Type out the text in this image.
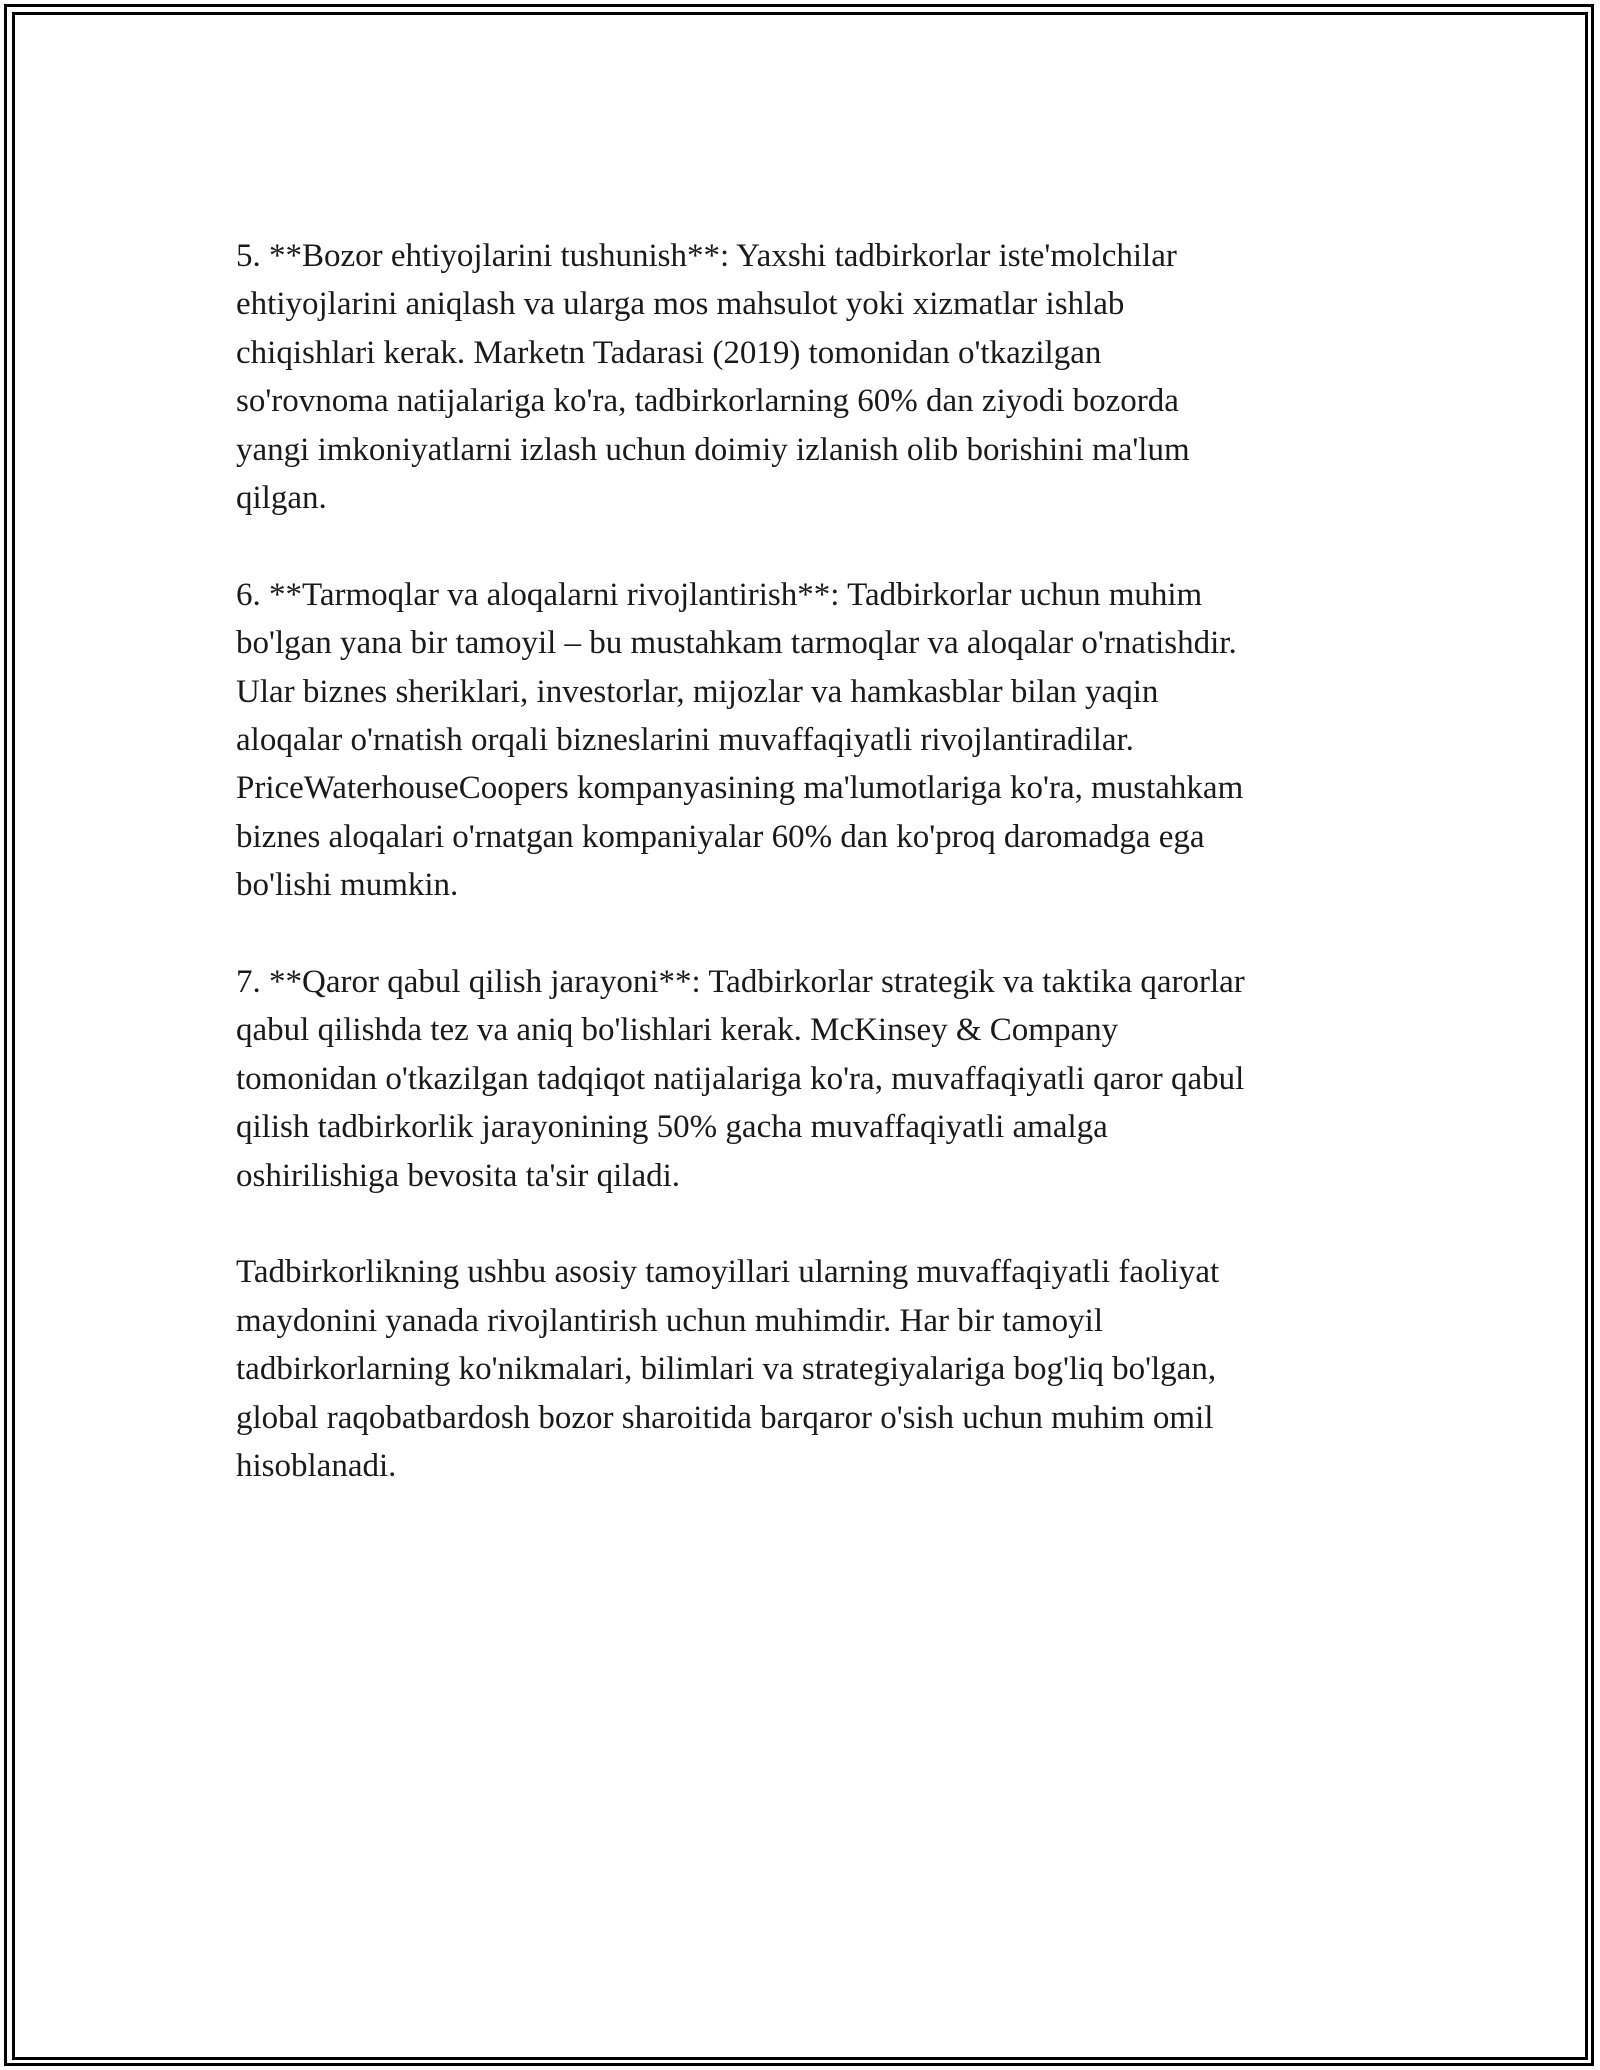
5. **Bozor ehtiyojlarini tushunish**: Yaxshi tadbirkorlar iste'molchilar
ehtiyojlarini aniqlash va ularga mos mahsulot yoki xizmatlar ishlab
chiqishlari kerak. Marketn Tadarasi (2019) tomonidan o'tkazilgan
so'rovnoma natijalariga ko'ra, tadbirkorlarning 60% dan ziyodi bozorda
yangi imkoniyatlarni izlash uchun doimiy izlanish olib borishini ma'lum
qilgan.

6. **Tarmoqlar va aloqalarni rivojlantirish**: Tadbirkorlar uchun muhim
bo'lgan yana bir tamoyil – bu mustahkam tarmoqlar va aloqalar o'rnatishdir.
Ular biznes sheriklari, investorlar, mijozlar va hamkasblar bilan yaqin
aloqalar o'rnatish orqali bizneslarini muvaffaqiyatli rivojlantiradilar.
PriceWaterhouseCoopers kompanyasining ma'lumotlariga ko'ra, mustahkam
biznes aloqalari o'rnatgan kompaniyalar 60% dan ko'proq daromadga ega
bo'lishi mumkin.

7. **Qaror qabul qilish jarayoni**: Tadbirkorlar strategik va taktika qarorlar
qabul qilishda tez va aniq bo'lishlari kerak. McKinsey & Company
tomonidan o'tkazilgan tadqiqot natijalariga ko'ra, muvaffaqiyatli qaror qabul
qilish tadbirkorlik jarayonining 50% gacha muvaffaqiyatli amalga
oshirilishiga bevosita ta'sir qiladi.

Tadbirkorlikning ushbu asosiy tamoyillari ularning muvaffaqiyatli faoliyat
maydonini yanada rivojlantirish uchun muhimdir. Har bir tamoyil
tadbirkorlarning ko'nikmalari, bilimlari va strategiyalariga bog'liq bo'lgan,
global raqobatbardosh bozor sharoitida barqaror o'sish uchun muhim omil
hisoblanadi.
